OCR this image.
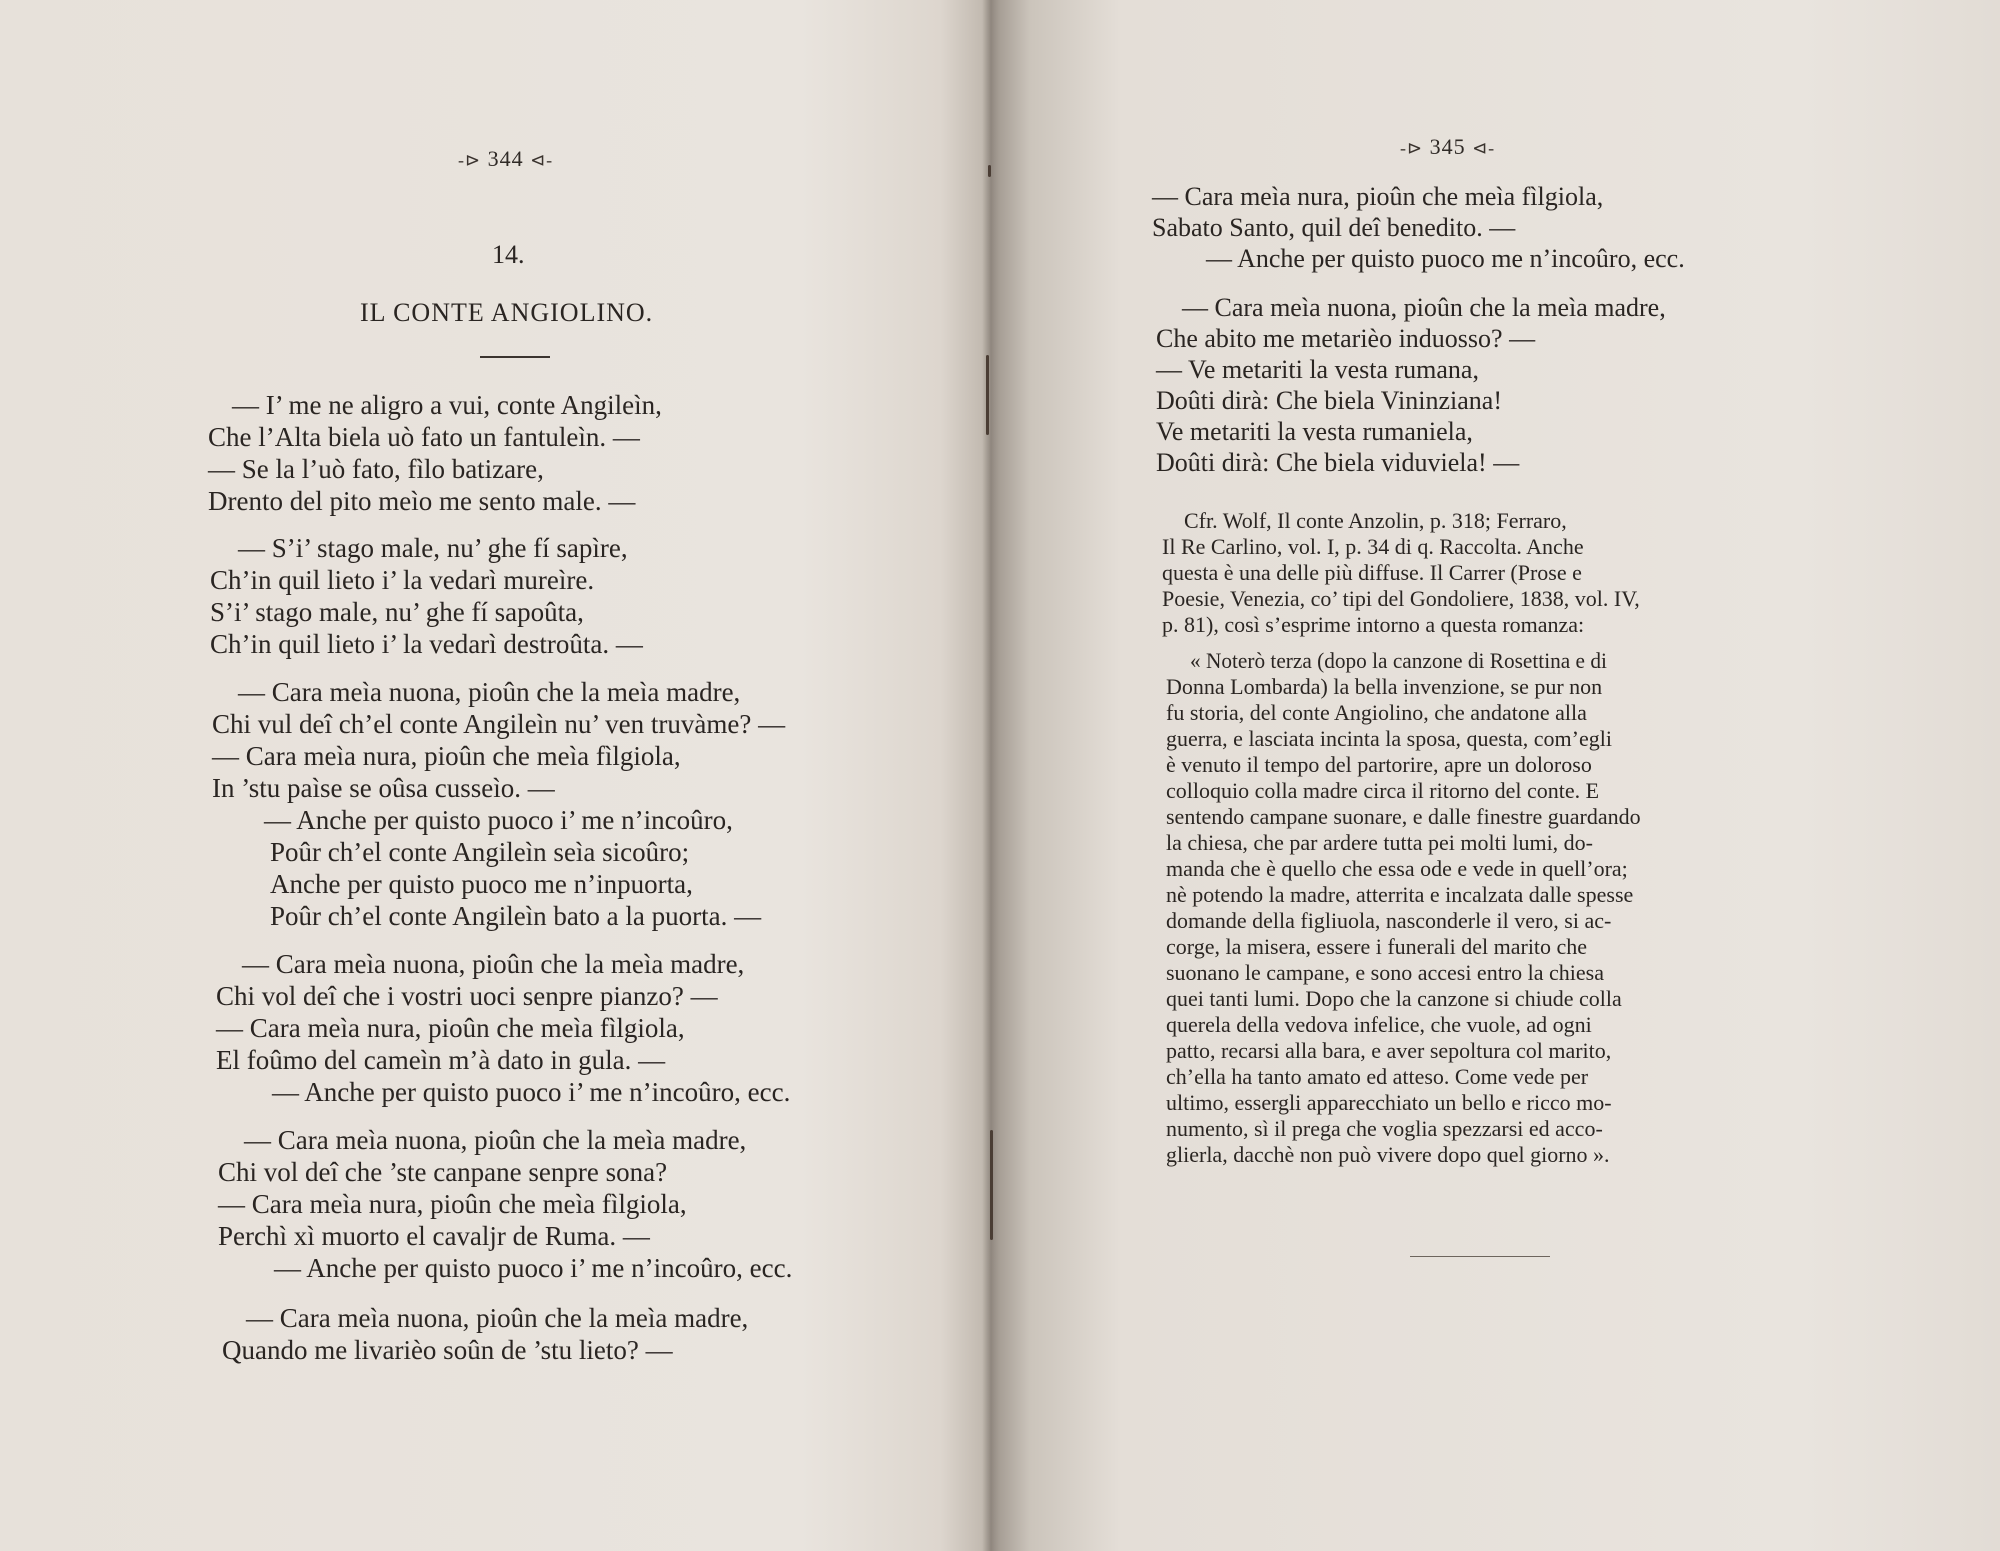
-⊳ 344 ⊲-
14.
IL CONTE ANGIOLINO.
— I’ me ne aligro a vui, conte Angileìn,
Che l’Alta biela uò fato un fantuleìn. —
— Se la l’uò fato, fìlo batizare,
Drento del pito meìo me sento male. —
— S’i’ stago male, nu’ ghe fí sapìre,
Ch’in quil lieto i’ la vedarì mureìre.
S’i’ stago male, nu’ ghe fí sapoûta,
Ch’in quil lieto i’ la vedarì destroûta. —
— Cara meìa nuona, pioûn che la meìa madre,
Chi vul deî ch’el conte Angileìn nu’ ven truvàme? —
— Cara meìa nura, pioûn che meìa fìlgiola,
In ’stu paìse se oûsa cusseìo. —
— Anche per quisto puoco i’ me n’incoûro,
Poûr ch’el conte Angileìn seìa sicoûro;
Anche per quisto puoco me n’inpuorta,
Poûr ch’el conte Angileìn bato a la puorta. —
— Cara meìa nuona, pioûn che la meìa madre,
Chi vol deî che i vostri uoci senpre pianzo? —
— Cara meìa nura, pioûn che meìa fìlgiola,
El foûmo del cameìn m’à dato in gula. —
— Anche per quisto puoco i’ me n’incoûro, ecc.
— Cara meìa nuona, pioûn che la meìa madre,
Chi vol deî che ’ste canpane senpre sona?
— Cara meìa nura, pioûn che meìa fìlgiola,
Perchì xì muorto el cavaljr de Ruma. —
— Anche per quisto puoco i’ me n’incoûro, ecc.
— Cara meìa nuona, pioûn che la meìa madre,
Quando me livarièo soûn de ’stu lieto? —
-⊳ 345 ⊲-
— Cara meìa nura, pioûn che meìa fìlgiola,
Sabato Santo, quil deî benedito. —
— Anche per quisto puoco me n’incoûro, ecc.
— Cara meìa nuona, pioûn che la meìa madre,
Che abito me metarièo induosso? —
— Ve metariti la vesta rumana,
Doûti dirà: Che biela Vininziana!
Ve metariti la vesta rumaniela,
Doûti dirà: Che biela viduviela! —
Cfr. Wolf, Il conte Anzolin, p. 318; Ferraro,
Il Re Carlino, vol. I, p. 34 di q. Raccolta. Anche
questa è una delle più diffuse. Il Carrer (Prose e
Poesie, Venezia, co’ tipi del Gondoliere, 1838, vol. IV,
p. 81), così s’esprime intorno a questa romanza:
« Noterò terza (dopo la canzone di Rosettina e di
Donna Lombarda) la bella invenzione, se pur non
fu storia, del conte Angiolino, che andatone alla
guerra, e lasciata incinta la sposa, questa, com’egli
è venuto il tempo del partorire, apre un doloroso
colloquio colla madre circa il ritorno del conte. E
sentendo campane suonare, e dalle finestre guardando
la chiesa, che par ardere tutta pei molti lumi, do-
manda che è quello che essa ode e vede in quell’ora;
nè potendo la madre, atterrita e incalzata dalle spesse
domande della figliuola, nasconderle il vero, si ac-
corge, la misera, essere i funerali del marito che
suonano le campane, e sono accesi entro la chiesa
quei tanti lumi. Dopo che la canzone si chiude colla
querela della vedova infelice, che vuole, ad ogni
patto, recarsi alla bara, e aver sepoltura col marito,
ch’ella ha tanto amato ed atteso. Come vede per
ultimo, essergli apparecchiato un bello e ricco mo-
numento, sì il prega che voglia spezzarsi ed acco-
glierla, dacchè non può vivere dopo quel giorno ».
